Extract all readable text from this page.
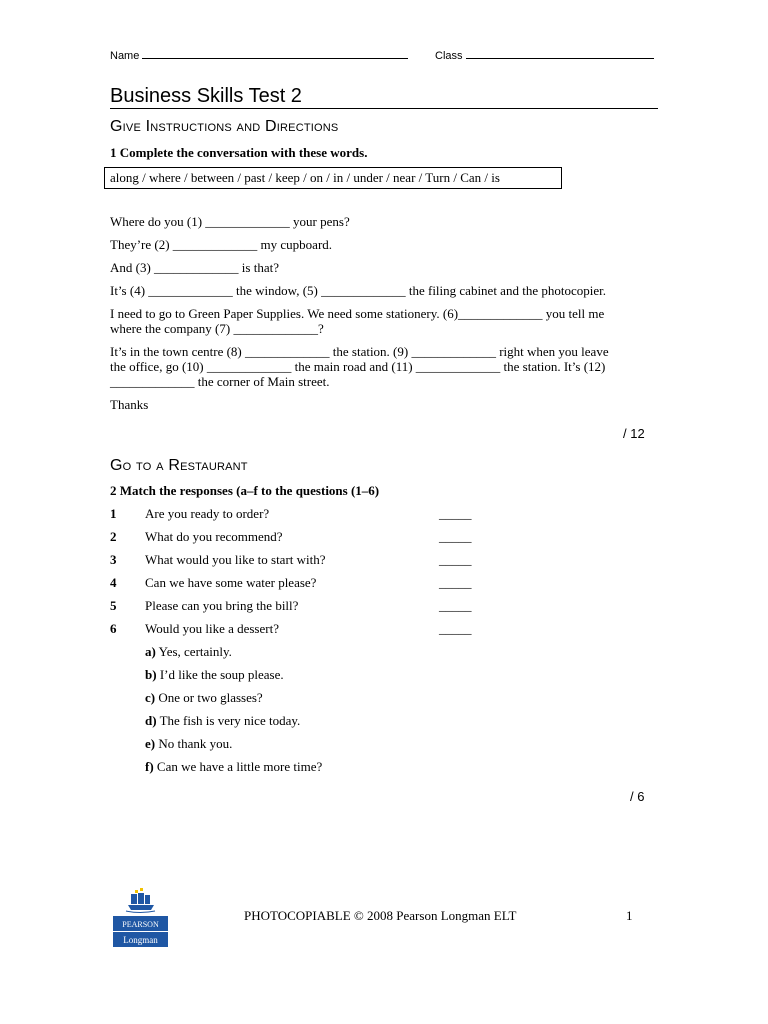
Name	Class
Business Skills Test 2
Give Instructions and Directions
1 Complete the conversation with these words.
along / where / between / past / keep / on / in / under / near / Turn / Can / is
Where do you (1) _____________ your pens?
They’re (2) _____________ my cupboard.
And (3) _____________ is that?
It’s (4) _____________ the window, (5) _____________ the filing cabinet and the photocopier.
I need to go to Green Paper Supplies. We need some stationery. (6)_____________ you tell me
where the company (7) _____________?
It’s in the town centre (8) _____________ the station. (9) _____________ right when you leave
the office, go (10) _____________ the main road and (11) _____________ the station. It’s (12)
_____________ the corner of Main street.
Thanks
/ 12
Go to a Restaurant
2 Match the responses (a–f to the questions (1–6)
1 Are you ready to order?	_____
2 What do you recommend?	_____
3 What would you like to start with?	_____
4 Can we have some water please?	_____
5 Please can you bring the bill?	_____
6 Would you like a dessert?	_____
a) Yes, certainly.
b) I’d like the soup please.
c) One or two glasses?
d) The fish is very nice today.
e) No thank you.
f) Can we have a little more time?
/ 6
PEARSON
Longman
PHOTOCOPIABLE © 2008 Pearson Longman ELT	1
